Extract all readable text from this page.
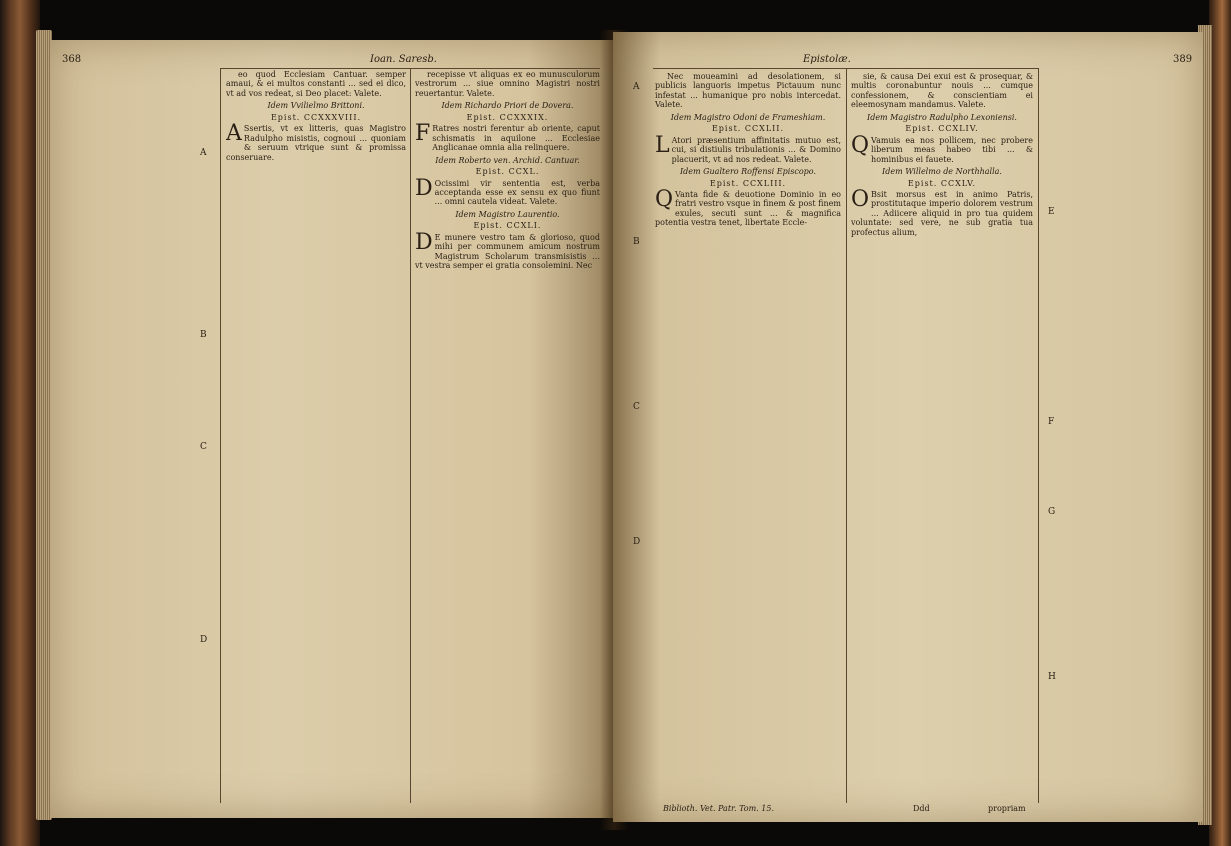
368	Ioan. Saresb.
A
B
C
D

eo quod Ecclesiam Cantuar. semper amaui, & ei multos constanti ... sed ei dico, vt ad vos redeat, si Deo placet: Valete.

Idem Vvilielmo Brittoni.
Epist. CCXXXVIII.

A Ssertis, vt ex litteris, quas Magistro Radulpho misistis, cognoui ... quoniam & seruum vtrique sunt & promissa conseruare.

recepisse vt aliquas ex eo munusculorum vestrorum ... siue omnino Magistri nostri reuertantur. Valete.

Idem Richardo Priori de Dovera.
Epist. CCXXXIX.

F Ratres nostri ferentur ab oriente, caput schismatis in aquilone ... Ecclesiae Anglicanae omnia alia relinquere.

Idem Roberto ven. Archid. Cantuar.
Epist. CCXL.

D Ocissimi vir sententia est, verba acceptanda esse ex sensu ex quo fiunt ... omni cautela videat. Valete.

Idem Magistro Laurentio.
Epist. CCXLI.

D E munere vestro tam & glorioso, quod mihi per communem amicum nostrum Magistrum Scholarum transmisistis ... vt vestra semper ei gratia consolemini. Nec

Epistolæ.	389
A
B
C
D
E
F
G
H

Nec moueamini ad desolationem, si publicis languoris impetus Pictauum nunc infestat ... humanique pro nobis intercedat. Valete.

Idem Magistro Odoni de Frameshiam.
Epist. CCXLII.

L Atori præsentium affinitatis mutuo est, cui, si distiulis tribulationis ... & Domino placuerit, vt ad nos redeat. Valete.

Idem Gualtero Roffensi Episcopo.
Epist. CCXLIII.

Q Vanta fide & deuotione Dominio in eo fratri vestro vsque in finem & post finem exules, secuti sunt ... & magnifica potentia vestra tenet, libertate Eccle-

sie, & causa Dei exui est & prosequar, & multis coronabuntur nouis ... cumque confessionem, & conscientiam ei eleemosynam mandamus. Valete.

Idem Magistro Radulpho Lexoniensi.
Epist. CCXLIV.

Q Vamuis ea nos pollicem, nec probere liberum meas habeo tibi ... & hominibus ei fauete.

Idem Willelmo de Northhalla.
Epist. CCXLV.

O Bsit morsus est in animo Patris, prostitutaque imperio dolorem vestrum ... Adiicere aliquid in pro tua quidem voluntate: sed vere, ne sub gratia tua profectus alium,

Biblioth. Vet. Patr. Tom. 15.	Ddd	propriam
